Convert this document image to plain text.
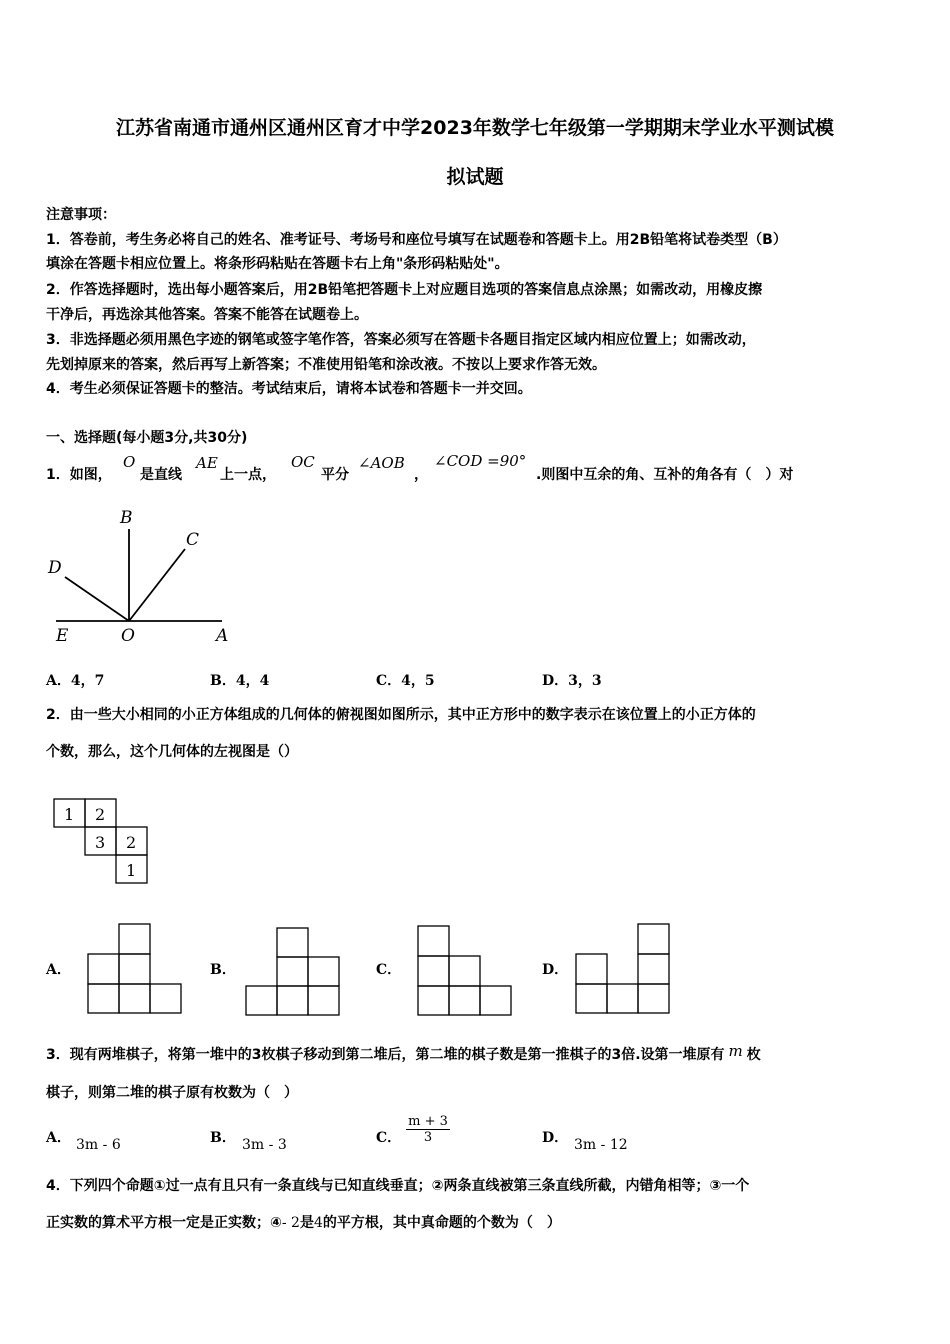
江苏省南通市通州区通州区育才中学2023年数学七年级第一学期期末学业水平测试模
拟试题
注意事项：
1．答卷前，考生务必将自己的姓名、准考证号、考场号和座位号填写在试题卷和答题卡上。用2B铅笔将试卷类型（B）
填涂在答题卡相应位置上。将条形码粘贴在答题卡右上角"条形码粘贴处"。
2．作答选择题时，选出每小题答案后，用2B铅笔把答题卡上对应题目选项的答案信息点涂黑；如需改动，用橡皮擦
干净后，再选涂其他答案。答案不能答在试题卷上。
3．非选择题必须用黑色字迹的钢笔或签字笔作答，答案必须写在答题卡各题目指定区域内相应位置上；如需改动，
先划掉原来的答案，然后再写上新答案；不准使用铅笔和涂改液。不按以上要求作答无效。
4．考生必须保证答题卡的整洁。考试结束后，请将本试卷和答题卡一并交回。
一、选择题(每小题3分,共30分)
1．如图，
O
是直线
AE
上一点，
OC
平分
∠AOB
，
∠COD =90°
.则图中互余的角、互补的角各有（　）对
B
C
D
E	O	A
A．4，7	B．4，4	C．4，5	D．3，3
2．由一些大小相同的小正方体组成的几何体的俯视图如图所示，其中正方形中的数字表示在该位置上的小正方体的
个数，那么，这个几何体的左视图是（）
1 2
3 2
1
A．	B．	C．	D．
3．现有两堆棋子，将第一堆中的3枚棋子移动到第二堆后，第二堆的棋子数是第一推棋子的3倍.设第一堆原有 m 枚
棋子，则第二堆的棋子原有枚数为（　）
A． 3m - 6	B． 3m - 3	C． $\frac{m + 3}{3}$	D． 3m - 12
4．下列四个命题①过一点有且只有一条直线与已知直线垂直；②两条直线被第三条直线所截，内错角相等；③一个
正实数的算术平方根一定是正实数；④- 2是4的平方根，其中真命题的个数为（　）
